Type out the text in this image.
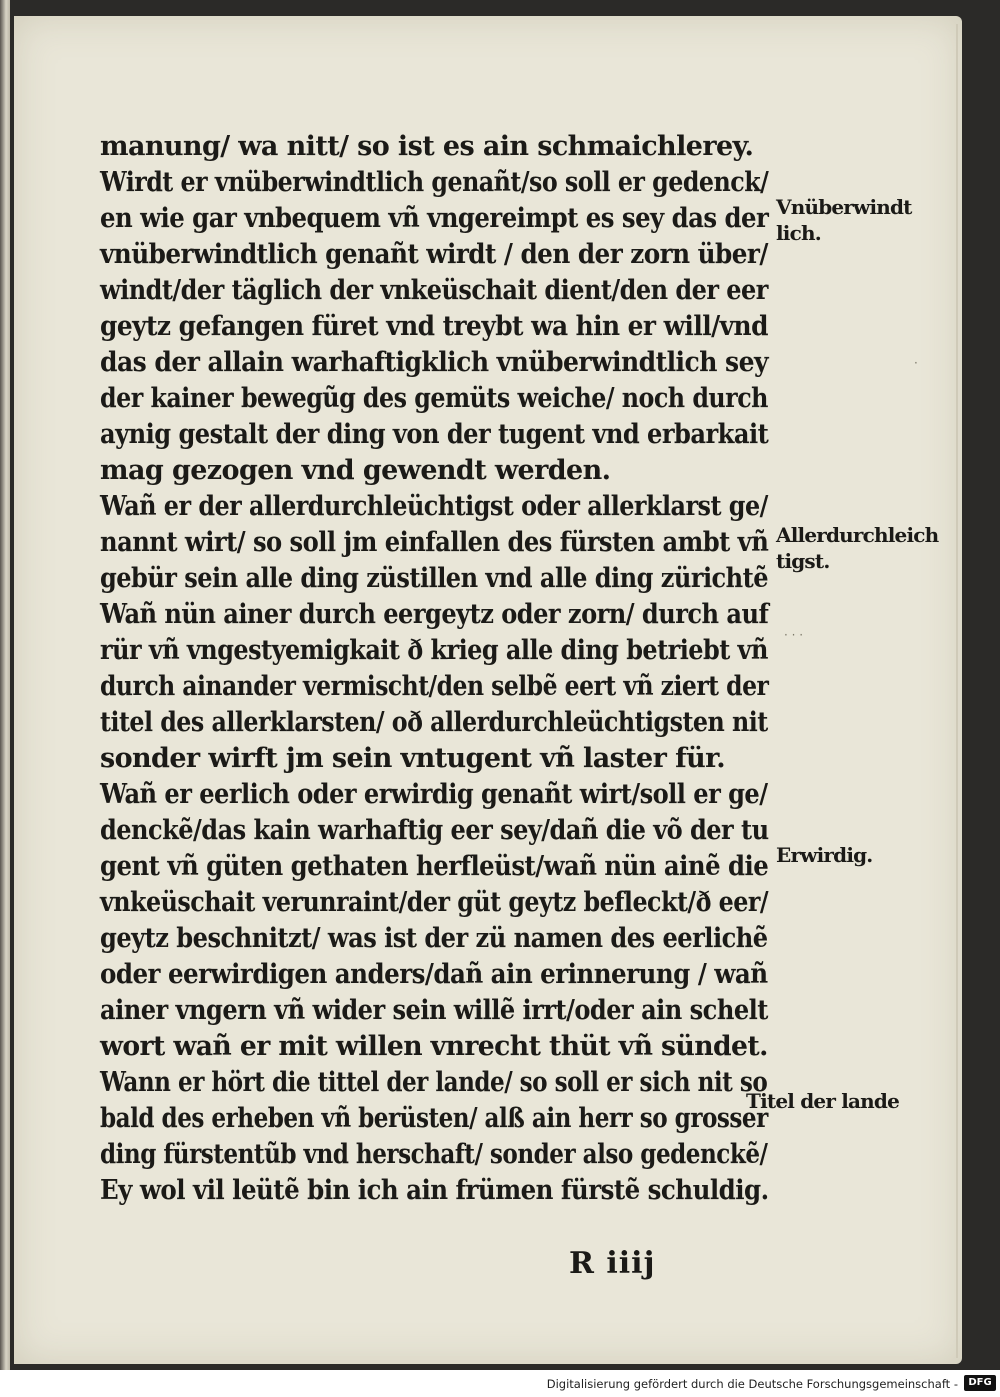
manung/ wa nitt/ so ist es ain schmaichlerey.
Wirdt er vnüberwindtlich genañt/so soll er gedenck/
en wie gar vnbequem vñ vngereimpt es sey das der
vnüberwindtlich genañt wirdt / den der zorn über/
windt/der täglich der vnkeüschait dient/den der eer
geytz gefangen füret vnd treybt wa hin er will/vnd
das der allain warhaftigklich vnüberwindtlich sey
der kainer bewegũg des gemüts weiche/ noch durch
aynig gestalt der ding von der tugent vnd erbarkait
mag gezogen vnd gewendt werden.
Wañ er der allerdurchleüchtigst oder allerklarst ge/
nannt wirt/ so soll jm einfallen des fürsten ambt vñ
gebür sein alle ding züstillen vnd alle ding zürichtẽ
Wañ nün ainer durch eergeytz oder zorn/ durch auf
rür vñ vngestyemigkait ð krieg alle ding betriebt vñ
durch ainander vermischt/den selbẽ eert vñ ziert der
titel des allerklarsten/ oð allerdurchleüchtigsten nit
sonder wirft jm sein vntugent vñ laster für.
Wañ er eerlich oder erwirdig genañt wirt/soll er ge/
denckẽ/das kain warhaftig eer sey/dañ die võ der tu
gent vñ güten gethaten herfleüst/wañ nün ainẽ die
vnkeüschait verunraint/der güt geytz befleckt/ð eer/
geytz beschnitzt/ was ist der zü namen des eerlichẽ
oder eerwirdigen anders/dañ ain erinnerung / wañ
ainer vngern vñ wider sein willẽ irrt/oder ain schelt
wort wañ er mit willen vnrecht thüt vñ sündet.
Wann er hört die tittel der lande/ so soll er sich nit so
bald des erheben vñ berüsten/ alß ain herr so grosser
ding fürstentũb vnd herschaft/ sonder also gedenckẽ/
Ey wol vil leütẽ bin ich ain frümen fürstẽ schuldig.
Vnüberwindt
lich.
Allerdurchleich
tigst.
Erwirdig.
Titel der lande
·
· · ·
R iiij
Digitalisierung gefördert durch die Deutsche Forschungsgemeinschaft -	DFG
